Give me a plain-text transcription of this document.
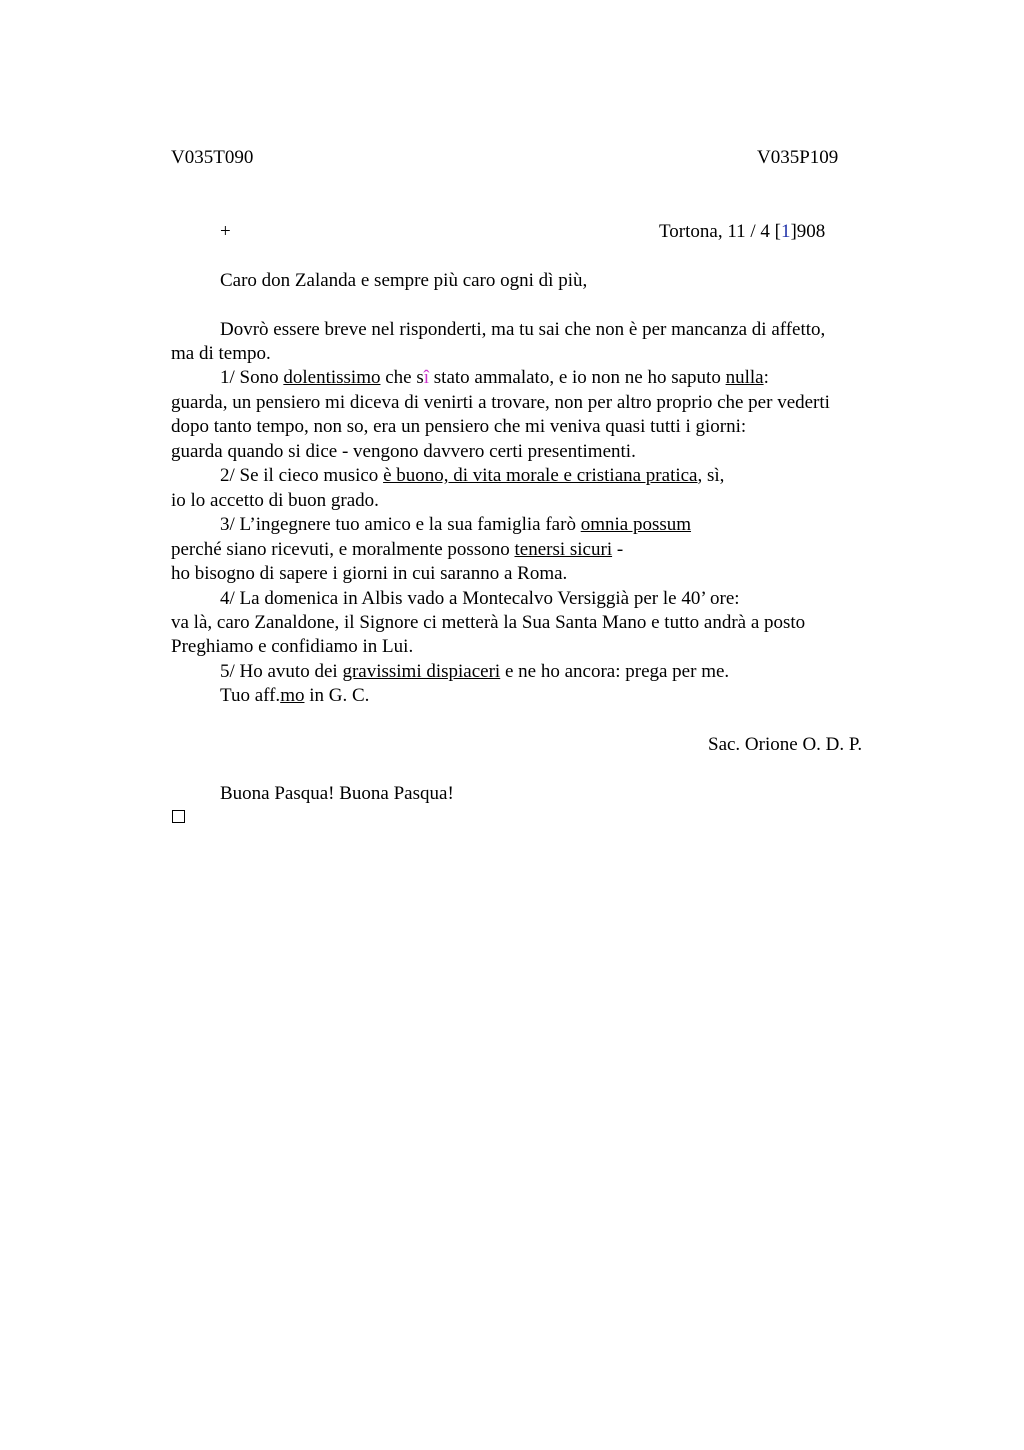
V035T090	V035P109
+	Tortona, 11 / 4 [1]908
Caro don Zalanda e sempre più caro ogni dì più,
Dovrò essere breve nel risponderti, ma tu sai che non è per mancanza di affetto,
ma di tempo.
1/ Sono dolentissimo che sî stato ammalato, e io non ne ho saputo nulla:
guarda, un pensiero mi diceva di venirti a trovare, non per altro proprio che per vederti
dopo tanto tempo, non so, era un pensiero che mi veniva quasi tutti i giorni:
guarda quando si dice - vengono davvero certi presentimenti.
2/ Se il cieco musico è buono, di vita morale e cristiana pratica, sì,
io lo accetto di buon grado.
3/ L’ingegnere tuo amico e la sua famiglia farò omnia possum
perché siano ricevuti, e moralmente possono tenersi sicuri -
ho bisogno di sapere i giorni in cui saranno a Roma.
4/ La domenica in Albis vado a Montecalvo Versiggià per le 40’ ore:
va là, caro Zanaldone, il Signore ci metterà la Sua Santa Mano e tutto andrà a posto
Preghiamo e confidiamo in Lui.
5/ Ho avuto dei gravissimi dispiaceri e ne ho ancora: prega per me.
Tuo aff.mo in G. C.
Sac. Orione O. D. P.
Buona Pasqua! Buona Pasqua!
